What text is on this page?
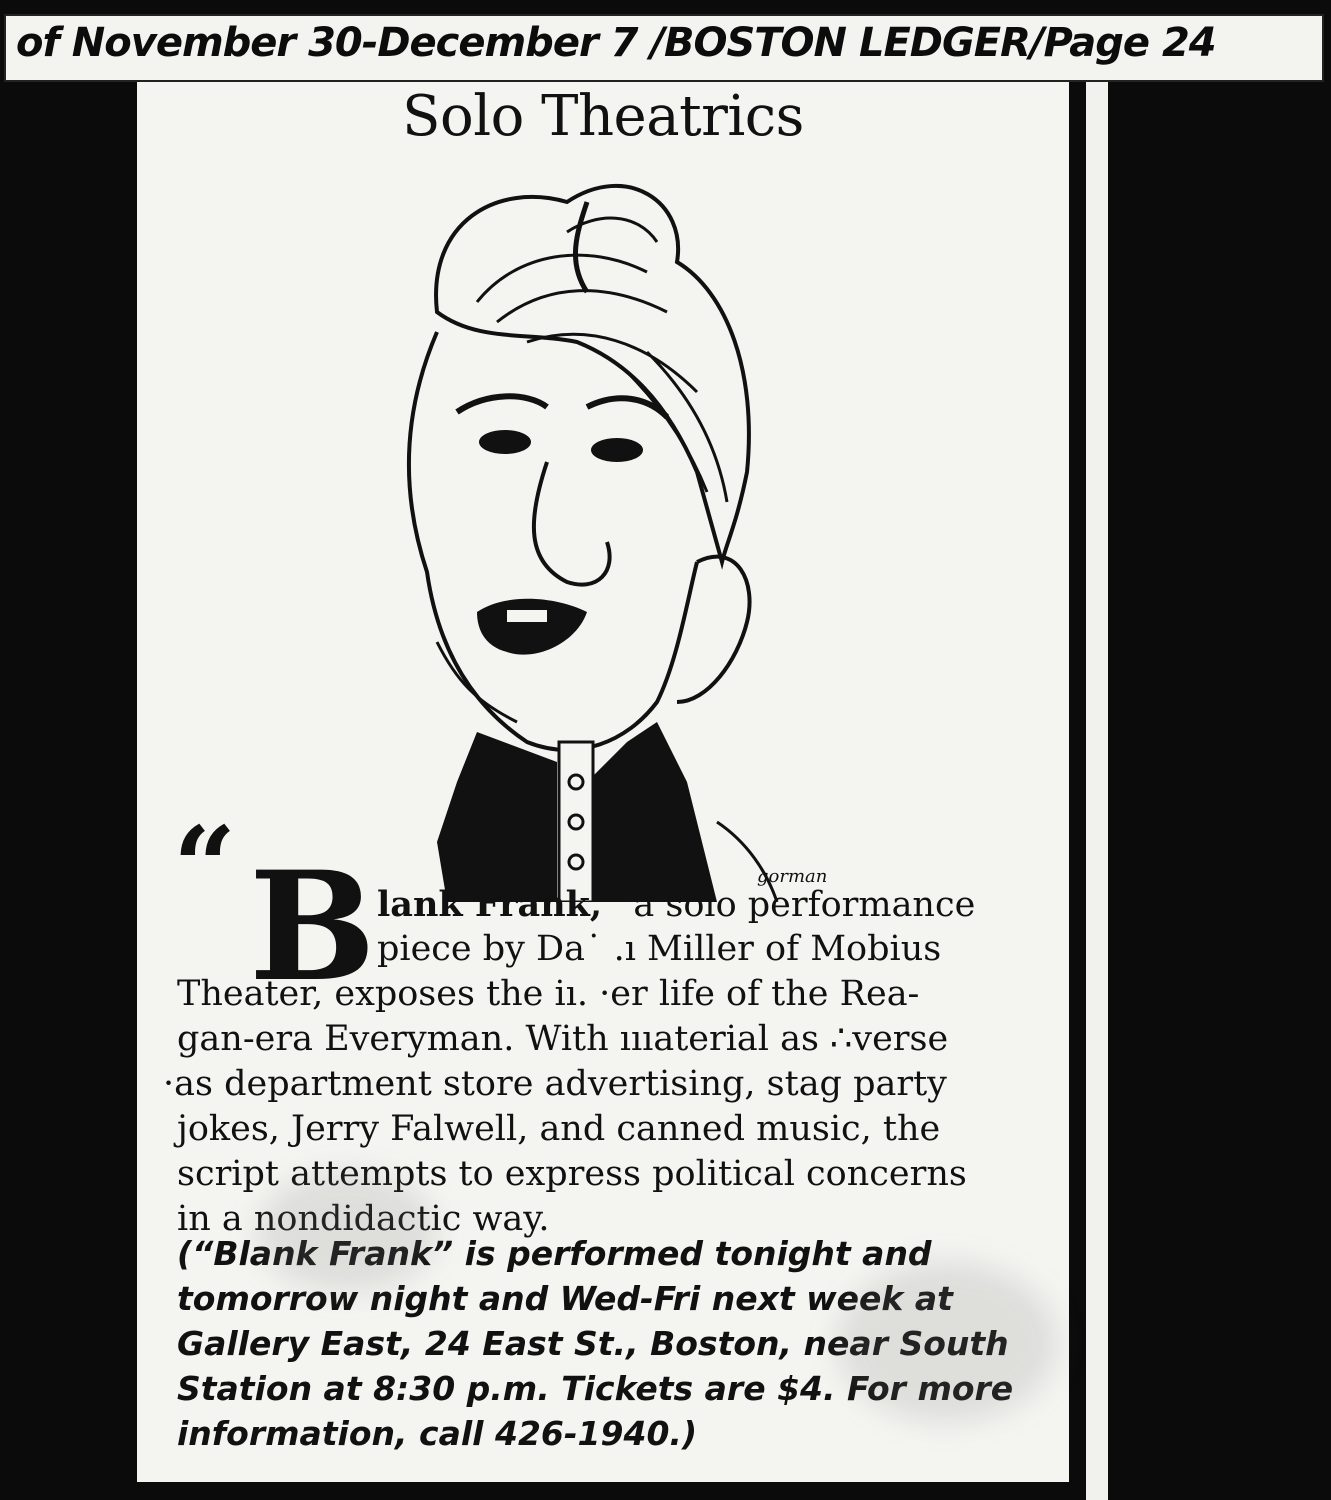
of November 30-December 7 /BOSTON LEDGER/Page 24
Solo Theatrics
gorman
“ B lank Frank,” a solo performance
piece by Da˙ .ı Miller of Mobius
Theater, exposes the iı. ·er life of the Rea-
gan-era Everyman. With ıııaterial as ∴verse
·as department store advertising, stag party
jokes, Jerry Falwell, and canned music, the
script attempts to express political concerns
in a nondidactic way.
(“Blank Frank” is performed tonight and
tomorrow night and Wed-Fri next week at
Gallery East, 24 East St., Boston, near South
Station at 8:30 p.m. Tickets are $4. For more
information, call 426-1940.)
